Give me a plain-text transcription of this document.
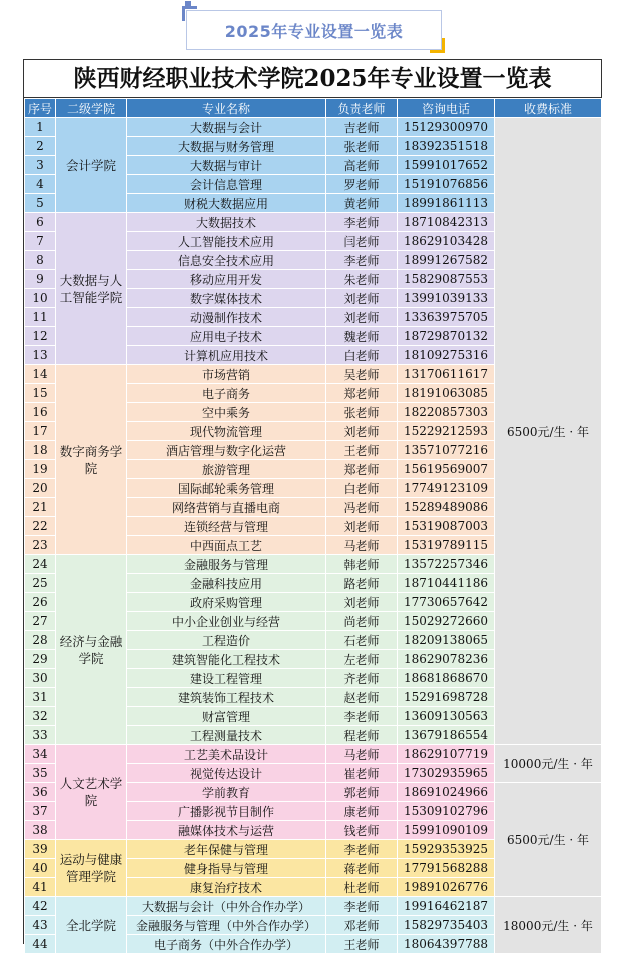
2025年专业设置一览表
陕西财经职业技术学院2025年专业设置一览表
序号	二级学院	专业名称	负责老师	咨询电话	收费标准
1	会计学院	大数据与会计	吉老师	15129300970	6500元/生 · 年
2		大数据与财务管理	张老师	18392351518	
3		大数据与审计	高老师	15991017652	
4		会计信息管理	罗老师	15191076856	
5		财税大数据应用	黄老师	18991861113	
6	大数据与人工智能学院	大数据技术	李老师	18710842313	
7		人工智能技术应用	闫老师	18629103428	
8		信息安全技术应用	李老师	18991267582	
9		移动应用开发	朱老师	15829087553	
10		数字媒体技术	刘老师	13991039133	
11		动漫制作技术	刘老师	13363975705	
12		应用电子技术	魏老师	18729870132	
13		计算机应用技术	白老师	18109275316	
14	数字商务学院	市场营销	吴老师	13170611617	
15		电子商务	郑老师	18191063085	
16		空中乘务	张老师	18220857303	
17		现代物流管理	刘老师	15229212593	
18		酒店管理与数字化运营	王老师	13571077216	
19		旅游管理	郑老师	15619569007	
20		国际邮轮乘务管理	白老师	17749123109	
21		网络营销与直播电商	冯老师	15289489086	
22		连锁经营与管理	刘老师	15319087003	
23		中西面点工艺	马老师	15319789115	
24	经济与金融学院	金融服务与管理	韩老师	13572257346	
25		金融科技应用	路老师	18710441186	
26		政府采购管理	刘老师	17730657642	
27		中小企业创业与经营	尚老师	15029272660	
28		工程造价	石老师	18209138065	
29		建筑智能化工程技术	左老师	18629078236	
30		建设工程管理	齐老师	18681868670	
31		建筑装饰工程技术	赵老师	15291698728	
32		财富管理	李老师	13609130563	
33		工程测量技术	程老师	13679186554	
34	人文艺术学院	工艺美术品设计	马老师	18629107719	10000元/生 · 年
35		视觉传达设计	崔老师	17302935965	
36		学前教育	郭老师	18691024966	6500元/生 · 年
37		广播影视节目制作	康老师	15309102796	
38		融媒体技术与运营	钱老师	15991090109	
39	运动与健康管理学院	老年保健与管理	李老师	15929353925	
40		健身指导与管理	蒋老师	17791568288	
41		康复治疗技术	杜老师	19891026776	
42	全北学院	大数据与会计（中外合作办学）	李老师	19916462187	18000元/生 · 年
43		金融服务与管理（中外合作办学）	邓老师	15829735403	
44		电子商务（中外合作办学）	王老师	18064397788	
